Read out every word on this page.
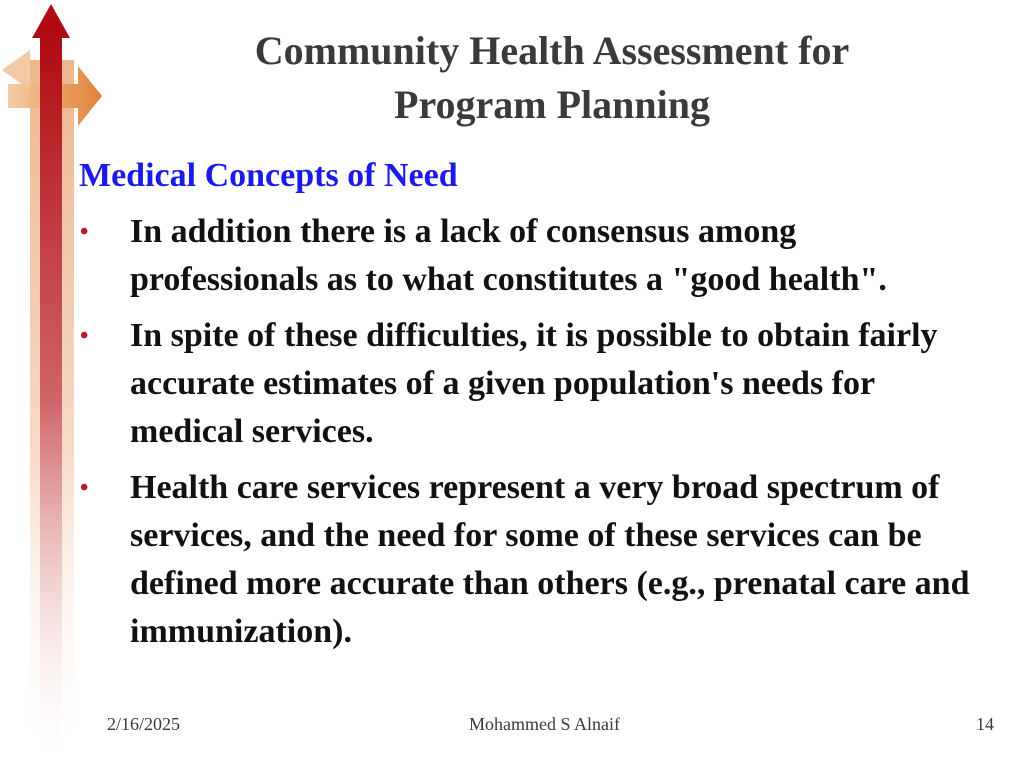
Community Health Assessment for
Program Planning
Medical Concepts of Need
•	In addition there is a lack of consensus among professionals as to what constitutes a "good health".
•	In spite of these difficulties, it is possible to obtain fairly accurate estimates of a given population's needs for medical services.
•	Health care services represent a very broad spectrum of services, and the need for some of these services can be defined more accurate than others (e.g., prenatal care and immunization).
2/16/2025	Mohammed S Alnaif	14
